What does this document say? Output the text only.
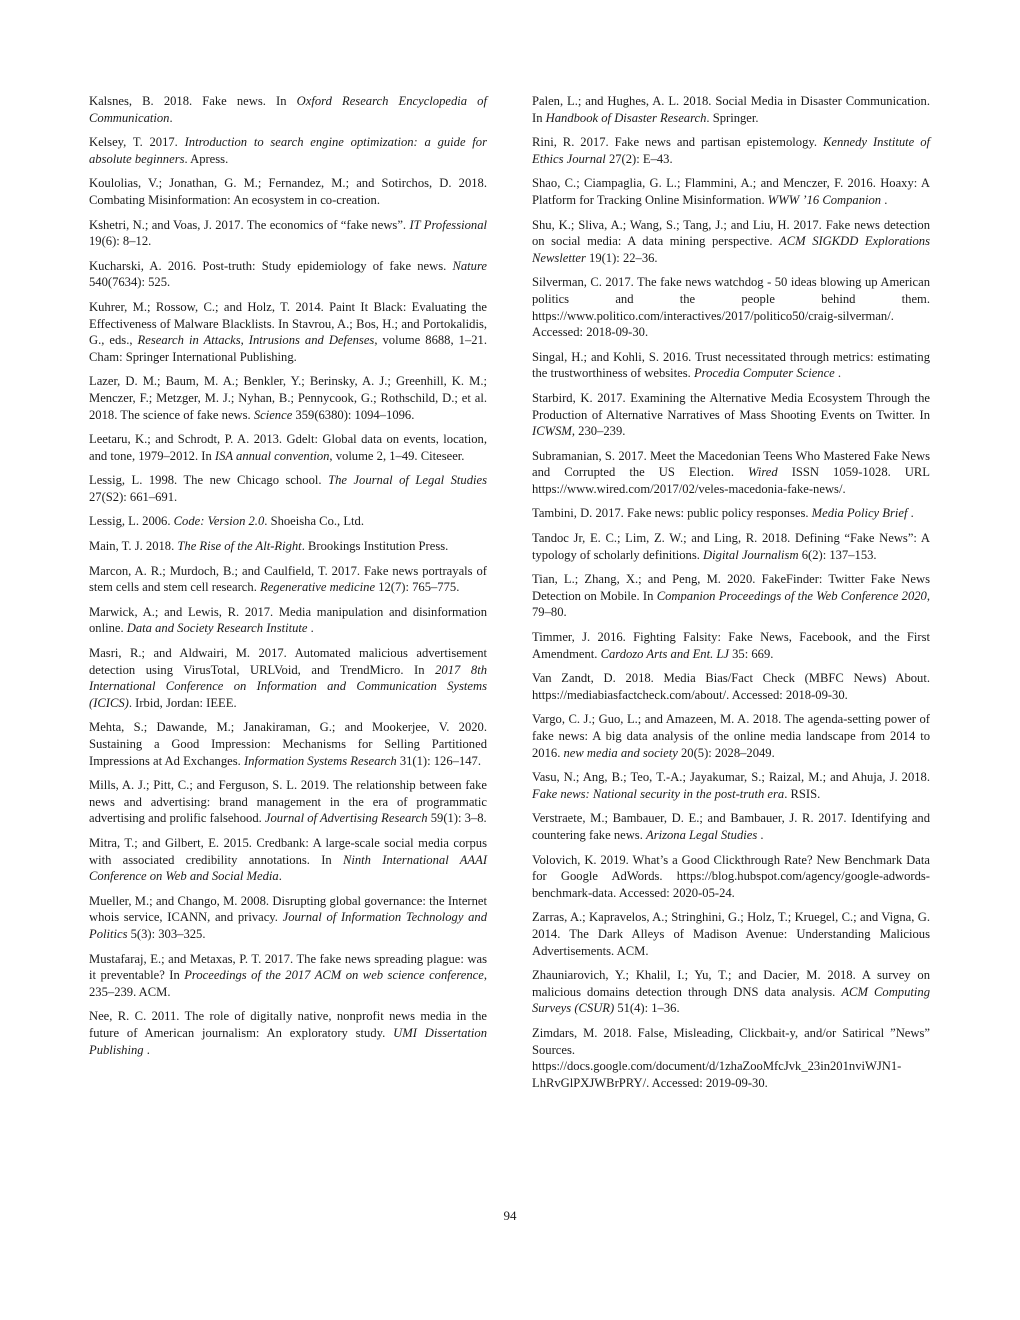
Kalsnes, B. 2018. Fake news. In Oxford Research Encyclopedia of Communication.

Kelsey, T. 2017. Introduction to search engine optimization: a guide for absolute beginners. Apress.

Koulolias, V.; Jonathan, G. M.; Fernandez, M.; and Sotirchos, D. 2018. Combating Misinformation: An ecosystem in co-creation.

Kshetri, N.; and Voas, J. 2017. The economics of “fake news”. IT Professional 19(6): 8–12.

Kucharski, A. 2016. Post-truth: Study epidemiology of fake news. Nature 540(7634): 525.

Kuhrer, M.; Rossow, C.; and Holz, T. 2014. Paint It Black: Evaluating the Effectiveness of Malware Blacklists. In Stavrou, A.; Bos, H.; and Portokalidis, G., eds., Research in Attacks, Intrusions and Defenses, volume 8688, 1–21. Cham: Springer International Publishing.

Lazer, D. M.; Baum, M. A.; Benkler, Y.; Berinsky, A. J.; Greenhill, K. M.; Menczer, F.; Metzger, M. J.; Nyhan, B.; Pennycook, G.; Rothschild, D.; et al. 2018. The science of fake news. Science 359(6380): 1094–1096.

Leetaru, K.; and Schrodt, P. A. 2013. Gdelt: Global data on events, location, and tone, 1979–2012. In ISA annual convention, volume 2, 1–49. Citeseer.

Lessig, L. 1998. The new Chicago school. The Journal of Legal Studies 27(S2): 661–691.

Lessig, L. 2006. Code: Version 2.0. Shoeisha Co., Ltd.

Main, T. J. 2018. The Rise of the Alt-Right. Brookings Institution Press.

Marcon, A. R.; Murdoch, B.; and Caulfield, T. 2017. Fake news portrayals of stem cells and stem cell research. Regenerative medicine 12(7): 765–775.

Marwick, A.; and Lewis, R. 2017. Media manipulation and disinformation online. Data and Society Research Institute .

Masri, R.; and Aldwairi, M. 2017. Automated malicious advertisement detection using VirusTotal, URLVoid, and TrendMicro. In 2017 8th International Conference on Information and Communication Systems (ICICS). Irbid, Jordan: IEEE.

Mehta, S.; Dawande, M.; Janakiraman, G.; and Mookerjee, V. 2020. Sustaining a Good Impression: Mechanisms for Selling Partitioned Impressions at Ad Exchanges. Information Systems Research 31(1): 126–147.

Mills, A. J.; Pitt, C.; and Ferguson, S. L. 2019. The relationship between fake news and advertising: brand management in the era of programmatic advertising and prolific falsehood. Journal of Advertising Research 59(1): 3–8.

Mitra, T.; and Gilbert, E. 2015. Credbank: A large-scale social media corpus with associated credibility annotations. In Ninth International AAAI Conference on Web and Social Media.

Mueller, M.; and Chango, M. 2008. Disrupting global governance: the Internet whois service, ICANN, and privacy. Journal of Information Technology and Politics 5(3): 303–325.

Mustafaraj, E.; and Metaxas, P. T. 2017. The fake news spreading plague: was it preventable? In Proceedings of the 2017 ACM on web science conference, 235–239. ACM.

Nee, R. C. 2011. The role of digitally native, nonprofit news media in the future of American journalism: An exploratory study. UMI Dissertation Publishing .

Palen, L.; and Hughes, A. L. 2018. Social Media in Disaster Communication. In Handbook of Disaster Research. Springer.

Rini, R. 2017. Fake news and partisan epistemology. Kennedy Institute of Ethics Journal 27(2): E–43.

Shao, C.; Ciampaglia, G. L.; Flammini, A.; and Menczer, F. 2016. Hoaxy: A Platform for Tracking Online Misinformation. WWW ’16 Companion .

Shu, K.; Sliva, A.; Wang, S.; Tang, J.; and Liu, H. 2017. Fake news detection on social media: A data mining perspective. ACM SIGKDD Explorations Newsletter 19(1): 22–36.

Silverman, C. 2017. The fake news watchdog - 50 ideas blowing up American politics and the people behind them. https://www.politico.com/interactives/2017/politico50/craig-silverman/. Accessed: 2018-09-30.

Singal, H.; and Kohli, S. 2016. Trust necessitated through metrics: estimating the trustworthiness of websites. Procedia Computer Science .

Starbird, K. 2017. Examining the Alternative Media Ecosystem Through the Production of Alternative Narratives of Mass Shooting Events on Twitter. In ICWSM, 230–239.

Subramanian, S. 2017. Meet the Macedonian Teens Who Mastered Fake News and Corrupted the US Election. Wired ISSN 1059-1028. URL https://www.wired.com/2017/02/veles-macedonia-fake-news/.

Tambini, D. 2017. Fake news: public policy responses. Media Policy Brief .

Tandoc Jr, E. C.; Lim, Z. W.; and Ling, R. 2018. Defining “Fake News”: A typology of scholarly definitions. Digital Journalism 6(2): 137–153.

Tian, L.; Zhang, X.; and Peng, M. 2020. FakeFinder: Twitter Fake News Detection on Mobile. In Companion Proceedings of the Web Conference 2020, 79–80.

Timmer, J. 2016. Fighting Falsity: Fake News, Facebook, and the First Amendment. Cardozo Arts and Ent. LJ 35: 669.

Van Zandt, D. 2018. Media Bias/Fact Check (MBFC News) About. https://mediabiasfactcheck.com/about/. Accessed: 2018-09-30.

Vargo, C. J.; Guo, L.; and Amazeen, M. A. 2018. The agenda-setting power of fake news: A big data analysis of the online media landscape from 2014 to 2016. new media and society 20(5): 2028–2049.

Vasu, N.; Ang, B.; Teo, T.-A.; Jayakumar, S.; Raizal, M.; and Ahuja, J. 2018. Fake news: National security in the post-truth era. RSIS.

Verstraete, M.; Bambauer, D. E.; and Bambauer, J. R. 2017. Identifying and countering fake news. Arizona Legal Studies .

Volovich, K. 2019. What’s a Good Clickthrough Rate? New Benchmark Data for Google AdWords. https://blog.hubspot.com/agency/google-adwords-benchmark-data. Accessed: 2020-05-24.

Zarras, A.; Kapravelos, A.; Stringhini, G.; Holz, T.; Kruegel, C.; and Vigna, G. 2014. The Dark Alleys of Madison Avenue: Understanding Malicious Advertisements. ACM.

Zhauniarovich, Y.; Khalil, I.; Yu, T.; and Dacier, M. 2018. A survey on malicious domains detection through DNS data analysis. ACM Computing Surveys (CSUR) 51(4): 1–36.

Zimdars, M. 2018. False, Misleading, Clickbait-y, and/or Satirical ”News” Sources. https://docs.google.com/document/d/1zhaZooMfcJvk_23in201nviWJN1-LhRvGlPXJWBrPRY/. Accessed: 2019-09-30.

94
